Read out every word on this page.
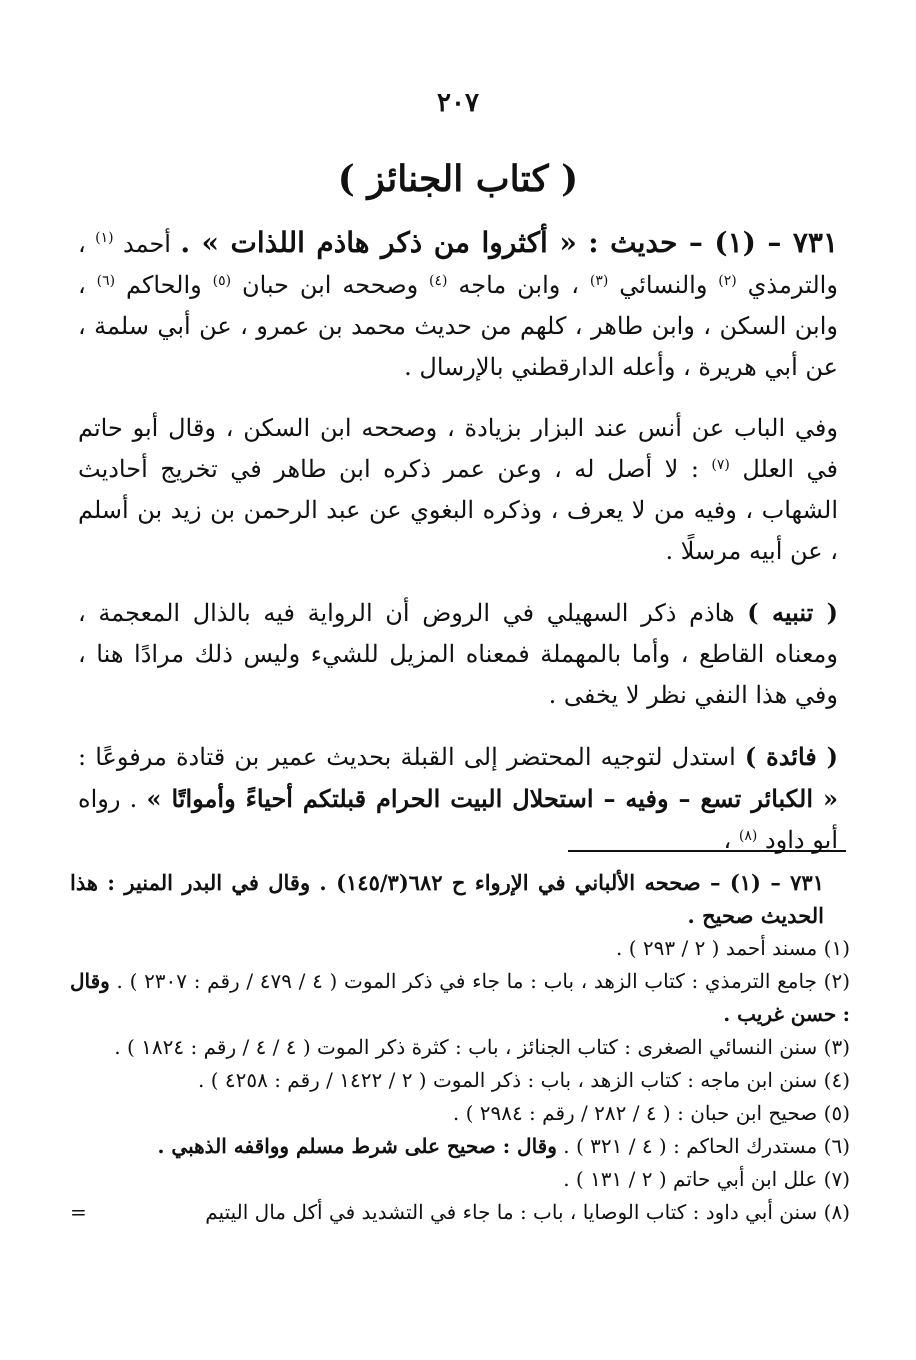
٢٠٧
( كتاب الجنائز )

٧٣١ – (١) – حديث : « أكثروا من ذكر هاذم اللذات » . أحمد $^{(١)}$ ، والترمذي $^{(٢)}$ والنسائي $^{(٣)}$ ، وابن ماجه $^{(٤)}$ وصححه ابن حبان $^{(٥)}$ والحاكم $^{(٦)}$ ، وابن السكن ، وابن طاهر ، كلهم من حديث محمد بن عمرو ، عن أبي سلمة ، عن أبي هريرة ، وأعله الدارقطني بالإرسال .

وفي الباب عن أنس عند البزار بزيادة ، وصححه ابن السكن ، وقال أبو حاتم في العلل $^{(٧)}$ : لا أصل له ، وعن عمر ذكره ابن طاهر في تخريج أحاديث الشهاب ، وفيه من لا يعرف ، وذكره البغوي عن عبد الرحمن بن زيد بن أسلم ، عن أبيه مرسلًا .

( تنبيه ) هاذم ذكر السهيلي في الروض أن الرواية فيه بالذال المعجمة ، ومعناه القاطع ، وأما بالمهملة فمعناه المزيل للشيء وليس ذلك مرادًا هنا ، وفي هذا النفي نظر لا يخفى .

( فائدة ) استدل لتوجيه المحتضر إلى القبلة بحديث عمير بن قتادة مرفوعًا : « الكبائر تسع – وفيه – استحلال البيت الحرام قبلتكم أحياءً وأمواتًا » . رواه أبو داود $^{(٨)}$ ،

٧٣١ – (١) – صححه الألباني في الإرواء ح ٦٨٢(١٤٥/٣) . وقال في البدر المنير : هذا الحديث صحيح .

(١) مسند أحمد ( ٢ / ٢٩٣ ) .

(٢) جامع الترمذي : كتاب الزهد ، باب : ما جاء في ذكر الموت ( ٤ / ٤٧٩ / رقم : ٢٣٠٧ ) . وقال : حسن غريب .

(٣) سنن النسائي الصغرى : كتاب الجنائز ، باب : كثرة ذكر الموت ( ٤ / ٤ / رقم : ١٨٢٤ ) .

(٤) سنن ابن ماجه : كتاب الزهد ، باب : ذكر الموت ( ٢ / ١٤٢٢ / رقم : ٤٢٥٨ ) .

(٥) صحيح ابن حبان : ( ٤ / ٢٨٢ / رقم : ٢٩٨٤ ) .

(٦) مستدرك الحاكم : ( ٤ / ٣٢١ ) . وقال : صحيح على شرط مسلم وواقفه الذهبي .

(٧) علل ابن أبي حاتم ( ٢ / ١٣١ ) .

(٨) سنن أبي داود : كتاب الوصايا ، باب : ما جاء في التشديد في أكل مال اليتيم
=
